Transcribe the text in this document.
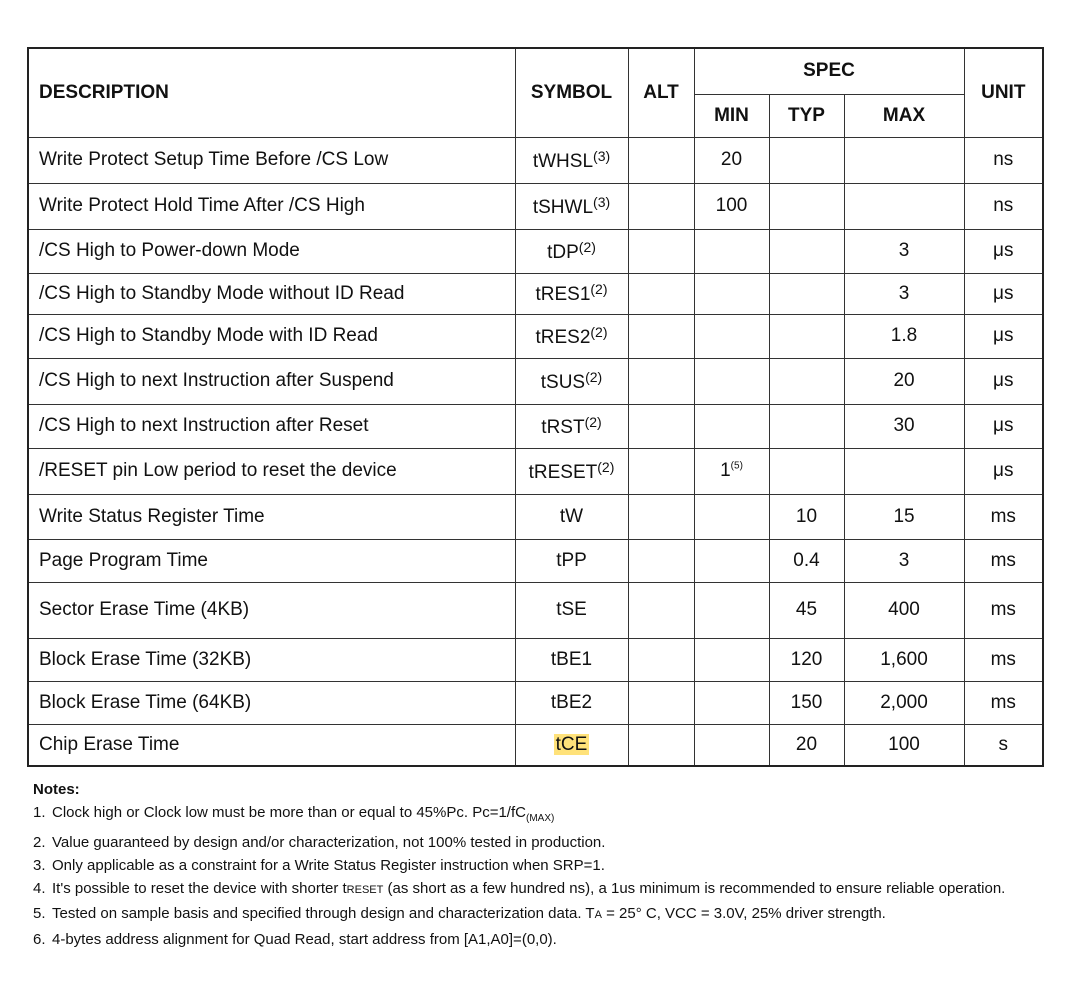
DESCRIPTION	SYMBOL	ALT	SPEC			UNIT
			MIN	TYP	MAX	
Write Protect Setup Time Before /CS Low	tWHSL$^{(3)}$		20			ns
Write Protect Hold Time After /CS High	tSHWL$^{(3)}$		100			ns
/CS High to Power-down Mode	tDP$^{(2)}$				3	μs
/CS High to Standby Mode without ID Read	tRES1$^{(2)}$				3	μs
/CS High to Standby Mode with ID Read	tRES2$^{(2)}$				1.8	μs
/CS High to next Instruction after Suspend	tSUS$^{(2)}$				20	μs
/CS High to next Instruction after Reset	tRST$^{(2)}$				30	μs
/RESET pin Low period to reset the device	tRESET$^{(2)}$		1$^{(5)}$			μs
Write Status Register Time	tW			10	15	ms
Page Program Time	tPP			0.4	3	ms
Sector Erase Time (4KB)	tSE			45	400	ms
Block Erase Time (32KB)	tBE1			120	1,600	ms
Block Erase Time (64KB)	tBE2			150	2,000	ms
Chip Erase Time	tCE			20	100	s
Notes:
1. Clock high or Clock low must be more than or equal to 45%Pc. $Pc=1/fC_{(MAX)}$
2. Value guaranteed by design and/or characterization, not 100% tested in production.
3. Only applicable as a constraint for a Write Status Register instruction when SRP=1.
4. It's possible to reset the device with shorter tRESET (as short as a few hundred ns), a 1us minimum is recommended to ensure reliable operation.
5. Tested on sample basis and specified through design and characterization data. TA = 25° C, VCC = 3.0V, 25% driver strength.
6. 4-bytes address alignment for Quad Read, start address from [A1,A0]=(0,0).
